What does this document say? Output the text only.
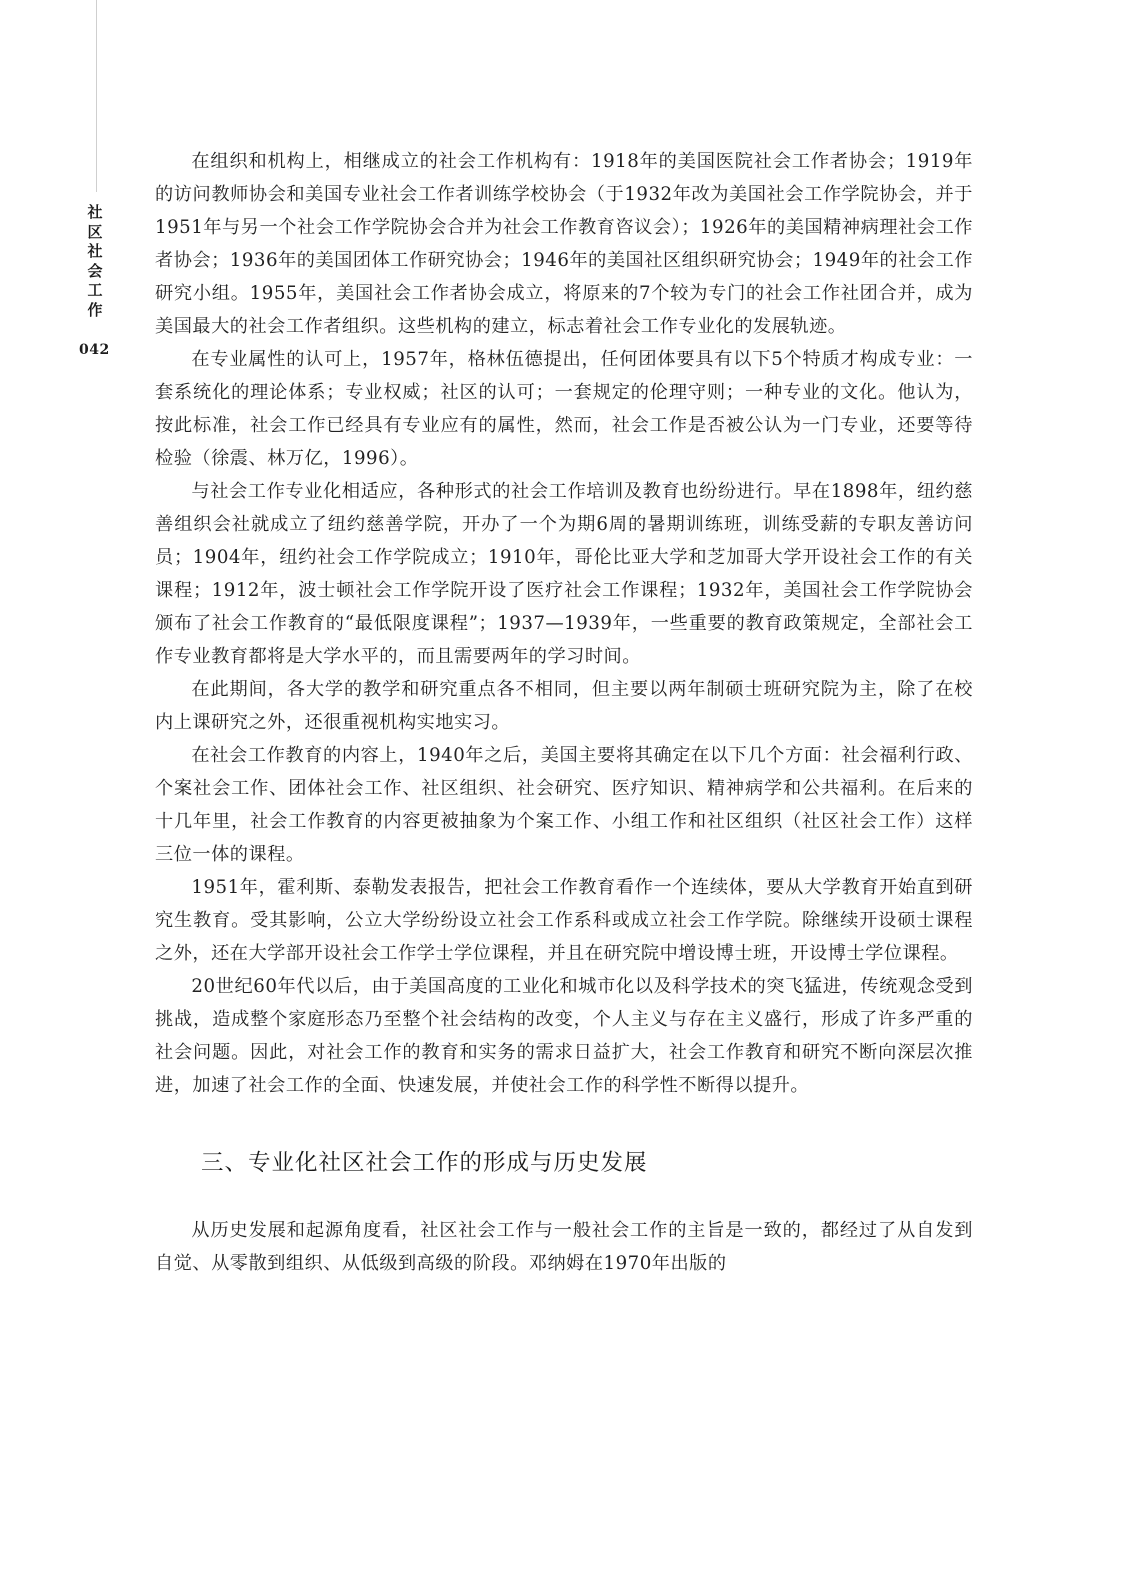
社区社会工作
042

在组织和机构上，相继成立的社会工作机构有：1918年的美国医院社会工作者协会；1919年的访问教师协会和美国专业社会工作者训练学校协会（于1932年改为美国社会工作学院协会，并于1951年与另一个社会工作学院协会合并为社会工作教育咨议会）；1926年的美国精神病理社会工作者协会；1936年的美国团体工作研究协会；1946年的美国社区组织研究协会；1949年的社会工作研究小组。1955年，美国社会工作者协会成立，将原来的7个较为专门的社会工作社团合并，成为美国最大的社会工作者组织。这些机构的建立，标志着社会工作专业化的发展轨迹。

在专业属性的认可上，1957年，格林伍德提出，任何团体要具有以下5个特质才构成专业：一套系统化的理论体系；专业权威；社区的认可；一套规定的伦理守则；一种专业的文化。他认为，按此标准，社会工作已经具有专业应有的属性，然而，社会工作是否被公认为一门专业，还要等待检验（徐震、林万亿，1996）。

与社会工作专业化相适应，各种形式的社会工作培训及教育也纷纷进行。早在1898年，纽约慈善组织会社就成立了纽约慈善学院，开办了一个为期6周的暑期训练班，训练受薪的专职友善访问员；1904年，纽约社会工作学院成立；1910年，哥伦比亚大学和芝加哥大学开设社会工作的有关课程；1912年，波士顿社会工作学院开设了医疗社会工作课程；1932年，美国社会工作学院协会颁布了社会工作教育的“最低限度课程”；1937—1939年，一些重要的教育政策规定，全部社会工作专业教育都将是大学水平的，而且需要两年的学习时间。

在此期间，各大学的教学和研究重点各不相同，但主要以两年制硕士班研究院为主，除了在校内上课研究之外，还很重视机构实地实习。

在社会工作教育的内容上，1940年之后，美国主要将其确定在以下几个方面：社会福利行政、个案社会工作、团体社会工作、社区组织、社会研究、医疗知识、精神病学和公共福利。在后来的十几年里，社会工作教育的内容更被抽象为个案工作、小组工作和社区组织（社区社会工作）这样三位一体的课程。

1951年，霍利斯、泰勒发表报告，把社会工作教育看作一个连续体，要从大学教育开始直到研究生教育。受其影响，公立大学纷纷设立社会工作系科或成立社会工作学院。除继续开设硕士课程之外，还在大学部开设社会工作学士学位课程，并且在研究院中增设博士班，开设博士学位课程。

20世纪60年代以后，由于美国高度的工业化和城市化以及科学技术的突飞猛进，传统观念受到挑战，造成整个家庭形态乃至整个社会结构的改变，个人主义与存在主义盛行，形成了许多严重的社会问题。因此，对社会工作的教育和实务的需求日益扩大，社会工作教育和研究不断向深层次推进，加速了社会工作的全面、快速发展，并使社会工作的科学性不断得以提升。

三、专业化社区社会工作的形成与历史发展

从历史发展和起源角度看，社区社会工作与一般社会工作的主旨是一致的，都经过了从自发到自觉、从零散到组织、从低级到高级的阶段。邓纳姆在1970年出版的
